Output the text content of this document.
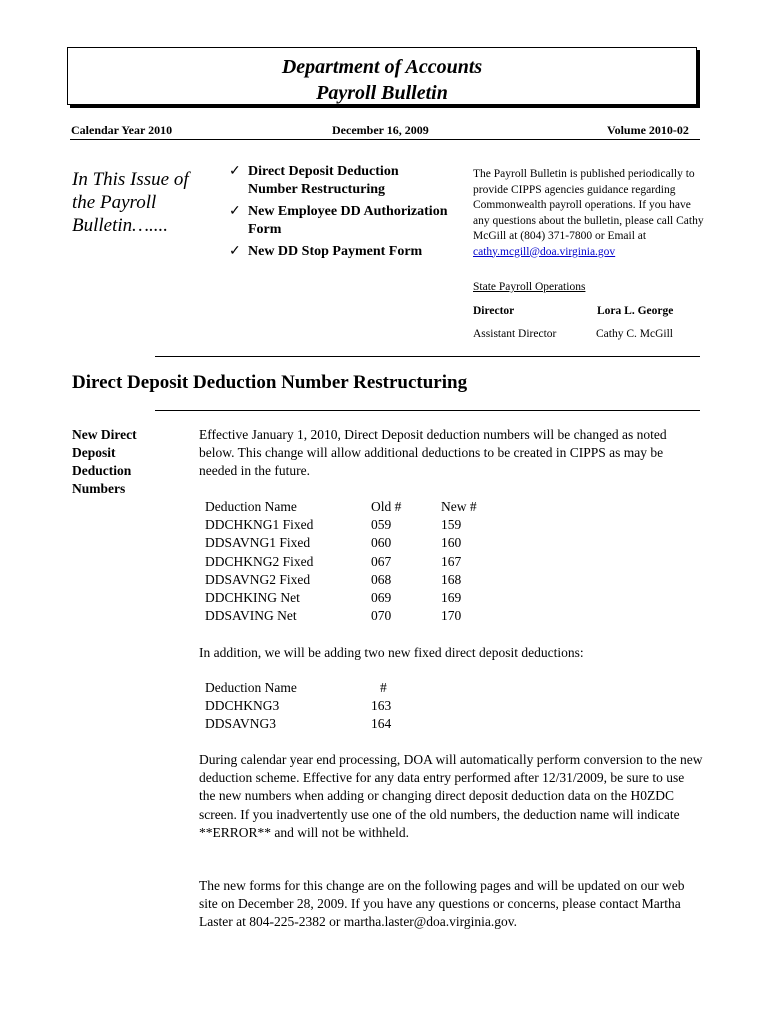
Department of Accounts
Payroll Bulletin
Calendar Year 2010	December 16, 2009	Volume 2010-02
In This Issue of the Payroll Bulletin…....
✓ Direct Deposit Deduction Number Restructuring
✓ New Employee DD Authorization Form
✓ New DD Stop Payment Form
The Payroll Bulletin is published periodically to provide CIPPS agencies guidance regarding Commonwealth payroll operations. If you have any questions about the bulletin, please call Cathy McGill at (804) 371-7800 or Email at cathy.mcgill@doa.virginia.gov
State Payroll Operations
Director	Lora L. George
Assistant Director	Cathy C. McGill
Direct Deposit Deduction Number Restructuring
New Direct Deposit Deduction Numbers
Effective January 1, 2010, Direct Deposit deduction numbers will be changed as noted below. This change will allow additional deductions to be created in CIPPS as may be needed in the future.
Deduction Name	Old #	New #
DDCHKNG1 Fixed	059	159
DDSAVNG1 Fixed	060	160
DDCHKNG2 Fixed	067	167
DDSAVNG2 Fixed	068	168
DDCHKING Net	069	169
DDSAVING Net	070	170
In addition, we will be adding two new fixed direct deposit deductions:
Deduction Name	#
DDCHKNG3	163
DDSAVNG3	164
During calendar year end processing, DOA will automatically perform conversion to the new deduction scheme. Effective for any data entry performed after 12/31/2009, be sure to use the new numbers when adding or changing direct deposit deduction data on the H0ZDC screen. If you inadvertently use one of the old numbers, the deduction name will indicate **ERROR** and will not be withheld.
The new forms for this change are on the following pages and will be updated on our web site on December 28, 2009. If you have any questions or concerns, please contact Martha Laster at 804-225-2382 or martha.laster@doa.virginia.gov.
